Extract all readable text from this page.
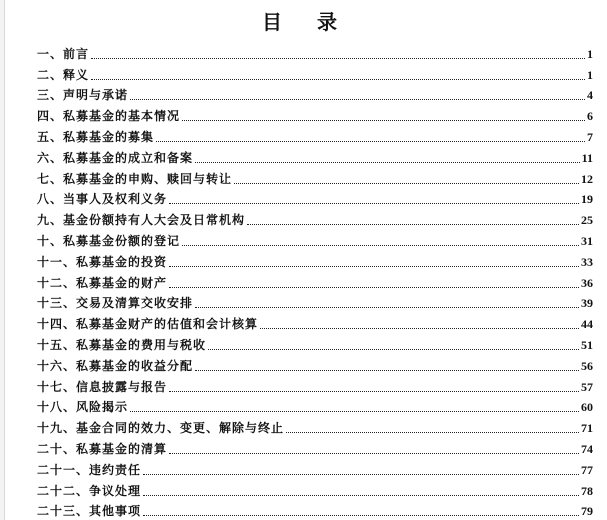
目 录
一、前言	1
二、释义	1
三、声明与承诺	4
四、私募基金的基本情况	6
五、私募基金的募集	7
六、私募基金的成立和备案	11
七、私募基金的申购、赎回与转让	12
八、当事人及权利义务	19
九、基金份额持有人大会及日常机构	25
十、私募基金份额的登记	31
十一、私募基金的投资	33
十二、私募基金的财产	36
十三、交易及清算交收安排	39
十四、私募基金财产的估值和会计核算	44
十五、私募基金的费用与税收	51
十六、私募基金的收益分配	56
十七、信息披露与报告	57
十八、风险揭示	60
十九、基金合同的效力、变更、解除与终止	71
二十、私募基金的清算	74
二十一、违约责任	77
二十二、争议处理	78
二十三、其他事项	79
